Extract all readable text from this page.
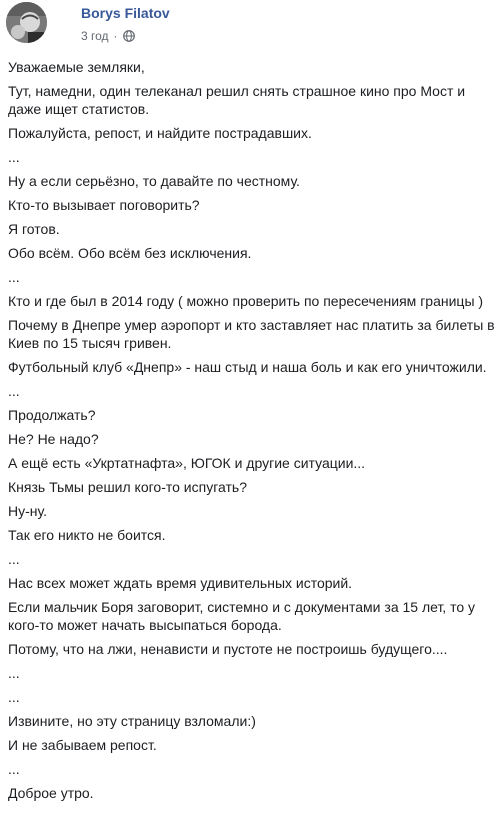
Borys Filatov
3 год ·

Уважаемые земляки,

Тут, намедни, один телеканал решил снять страшное кино про Мост и даже ищет статистов.

Пожалуйста, репост, и найдите пострадавших.

...

Ну а если серьёзно, то давайте по честному.

Кто-то вызывает поговорить?

Я готов.

Обо всём. Обо всём без исключения.

...

Кто и где был в 2014 году ( можно проверить по пересечениям границы )

Почему в Днепре умер аэропорт и кто заставляет нас платить за билеты в Киев по 15 тысяч гривен.

Футбольный клуб «Днепр» - наш стыд и наша боль и как его уничтожили.

...

Продолжать?

Не? Не надо?

А ещё есть «Укртатнафта», ЮГОК и другие ситуации...

Князь Тьмы решил кого-то испугать?

Ну-ну.

Так его никто не боится.

...

Нас всех может ждать время удивительных историй.

Если мальчик Боря заговорит, системно и с документами за 15 лет, то у кого-то может начать высыпаться борода.

Потому, что на лжи, ненависти и пустоте не построишь будущего....

...

...

Извините, но эту страницу взломали:)

И не забываем репост.

...

Доброе утро.
